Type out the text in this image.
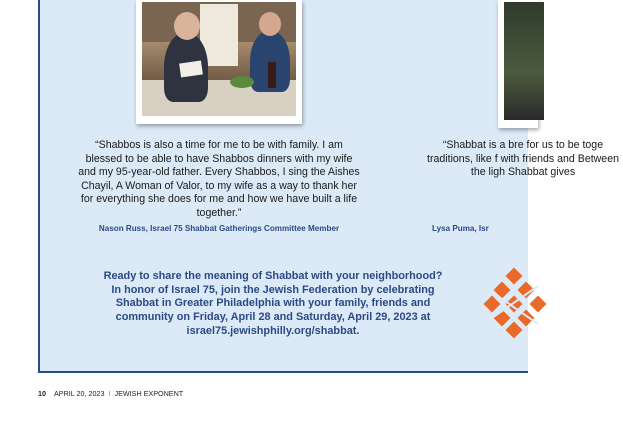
“Shabbos is also a time for me to be with family. I am blessed to be able to have Shabbos dinners with my wife and my 95-year-old father. Every Shabbos, I sing the Aishes Chayil, A Woman of Valor, to my wife as a way to thank her for everything she does for me and how we have built a life together.”
Nason Russ, Israel 75 Shabbat Gatherings Committee Member
“Shabbat is a bre for us to be toge traditions, like f with friends and Between the ligh Shabbat gives
Lysa Puma, Isr
Ready to share the meaning of Shabbat with your neighborhood? In honor of Israel 75, join the Jewish Federation by celebrating Shabbat in Greater Philadelphia with your family, friends and community on Friday, April 28 and Saturday, April 29, 2023 at israel75.jewishphilly.org/shabbat.
10 APRIL 20, 2023 I JEWISH EXPONENT
